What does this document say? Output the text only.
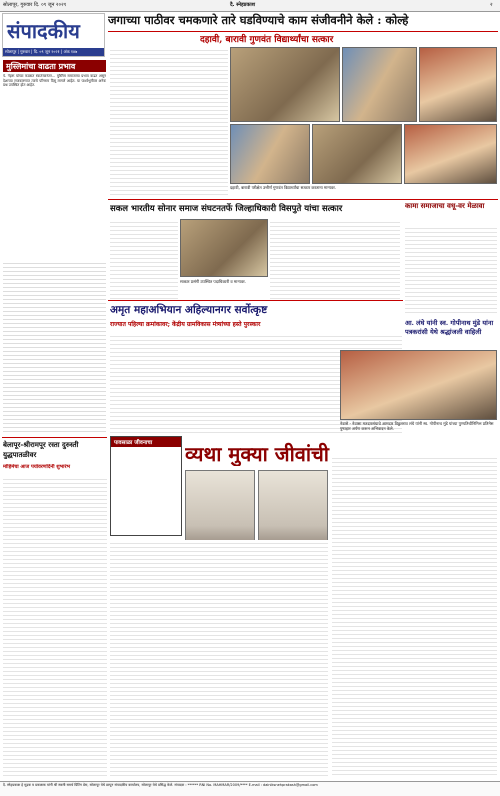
सोलापूर, गुरुवार दि. ०९ जून २०२१	दै. स्नेहप्रकाश	२
संपादकीय
सोलापूर | गुरुवार | दि. ०९ जून २०२१ | अंक १४७
जगाच्या पाठीवर चमकणारे तारे घडविण्याचे काम संजीवनीने केले : कोल्हे
दहावी, बारावी गुणवंत विद्यार्थ्यांचा सत्कार
मुस्लिमांचा वाढता प्रभाव
पं. नेहरू यांच्या काळात स्वातंत्र्यानंतर... मुस्लिम समाजाचा प्रभाव वाढत असून देशाच्या राजकारणात त्याचे परिणाम दिसू लागले आहेत. या पार्श्वभूमीवर अनेक प्रश्न उपस्थित होत आहेत.
दहावी, बारावी परीक्षेत उत्तीर्ण गुणवंत विद्यार्थ्यांचा सत्कार करताना मान्यवर.
सकल भारतीय सोनार समाज संघटनतर्फे जिल्हाधिकारी विसपुते यांचा सत्कार	कामा समाजाचा वधू-वर मेळावा
सत्कार प्रसंगी उपस्थित पदाधिकारी व मान्यवर.
अमृत महाअभियान अहिल्यानगर सर्वोत्कृष्ट
राज्यात पहिल्या क्रमांकावर; केंद्रीय ग्रामविकास मंत्र्यांच्या हस्ते पुरस्कार	आ. लंघे यांनी स्व. गोपीनाथ मुंडे यांना पत्रकरांसी येथे श्रद्धांजली वाहिली
नेवासे - नेवासा मतदारसंघाचे आमदार विठ्ठलराव लंघे यांनी स्व. गोपीनाथ मुंडे यांच्या पुण्यतिथीनिमित्त प्रतिमेस पुष्पहार अर्पण करून अभिवादन केले.
बेलापूर-श्रीरामपूर रस्ता दुरुस्ती युद्धपातळीवर
मोहिमेचा आज पर्यावरणदिनी शुभारंभ
पावसाळा जीवनाचा	व्यथा मुक्या जीवांची
दै. स्नेहप्रकाश हे मुद्रक व प्रकाशक यांनी श्री स्वामी समर्थ प्रिंटिंग प्रेस, सोलापूर येथे छापून संपादकीय कार्यालय, सोलापूर येथे प्रसिद्ध केले. संपादक : ****** RNI No. MAHMAR/2009/**** E-mail : dainiksnehprakash@gmail.com
